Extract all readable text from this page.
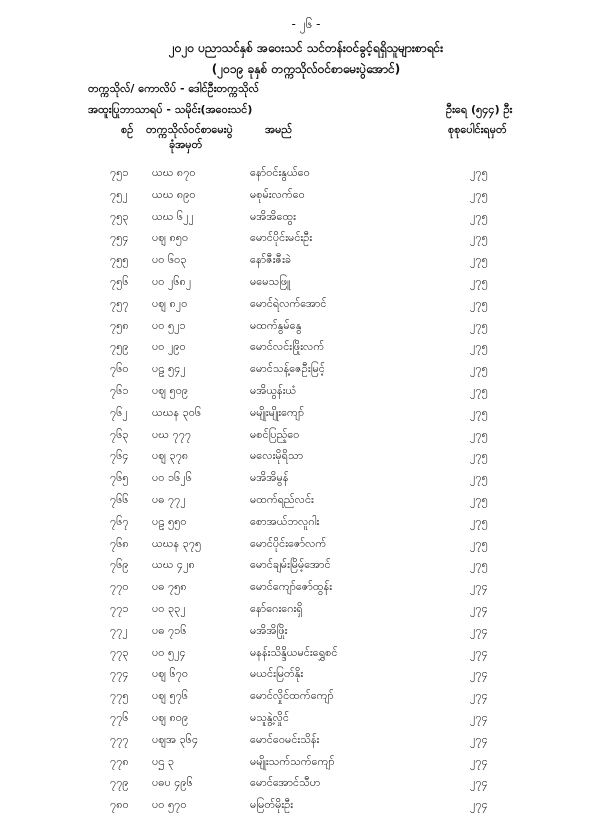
- ၂၆ -
၂၀၂၀ ပညာသင်နှစ် အဝေးသင် သင်တန်းဝင်ခွင့်ရရှိသူများစာရင်း
(၂၀၁၉ ခုနှစ် တက္ကသိုလ်ဝင်စာမေးပွဲအောင်)
တက္ကသိုလ်/ ကောလိပ် - ဒေါင်ဦးတက္ကသိုလ်
အထူးပြုဘာသာရပ် - သမိုင်း(အဝေးသင်)	ဦးရေ (၅၄၄) ဦး
စဉ် တက္ကသိုလ်ဝင်စာမေးပွဲ
ခုံအမှတ်
အမည်	စုစုပေါင်းရမှတ်
၇၅၁ ယဃ ၈၇၀	နော်ဝင်းနွယ်ဝေ	၂၇၅
၇၅၂ ယဃ ၈၉၀	မစုမ်းလက်ဝေ	၂၇၅
၇၅၃ ယဃ ၆၂၂	မအိအိထွေး	၂၇၅
၇၅၄ ပဈ ၈၅၀	မောင်ပိုင်းမင်းဦး	၂၇၅
၇၅၅ ပဝ ၆၀၃	နော်ဇီးဇီးခဲ	၂၇၅
၇၅၆ ပဝ ၂၆၈၂	မမေသဖြူ	၂၇၅
၇၅၇ ပဈ ၈၂၀	မောင်ရဲလက်အောင်	၂၇၅
၇၅၈ ပဝ ၅၂၁	မထက်နွမ်နွေ	၂၇၅
၇၅၉ ပဝ ၂၉၀	မောင်လင်းဖြိုးလက်	၂၇၅
၇၆၀ ပဠ ၅၄၂	မောင်သန့်ဇေဦးမြင့်	၂၇၅
၇၆၁ ပဈ ၅၀၉	မအိယွန်းယံ	၂၇၅
၇၆၂ ယဃန ၃၀၆	မမျိုးမျိုးကျော်	၂၇၅
၇၆၃ ပဃ ၇၇၇	မစင်ပြည့်ဝေ	၂၇၅
၇၆၄ ပဈ ၃၇၈	မလေးမိုရိသာ	၂၇၅
၇၆၅ ပဝ ၁၆၂၆	မအိအိမွန်	၂၇၅
၇၆၆ ပဓ ၇၇၂	မထက်ရည်လင်း	၂၇၅
၇၆၇ ပဠ ၅၅၀	စောအယ်ဘလူဂါး	၂၇၅
၇၆၈ ယဃန ၃၇၅	မောင်ပိုင်းဇော်လက်	၂၇၅
၇၆၉ ယဃ ၄၂၈	မောင်ချမ်းမြိမ့်အောင်	၂၇၅
၇၇၀ ပဓ ၇၅၈	မောင်ကျော်ဇော်ထွန်း	၂၇၄
၇၇၁ ပဝ ၃၃၂	နော်ဂေးဂေးရှိ	၂၇၄
၇၇၂ ပဓ ၇၁၆	မအိအိဖြိုး	၂၇၄
၇၇၃ ပဝ ၅၂၄	မနန်းသိန္ဒိယမင်းရွှေစင်	၂၇၄
၇၇၄ ပဈ ၆၇၀	မယင်းမြတ်နိုး	၂၇၄
၇၇၅ ပဈ ၅၇၆	မောင်လှိုင်ထက်ကျော်	၂၇၄
၇၇၆ ပဈ ၈၀၉	မသူနွဲ့လှိုင်	၂၇၄
၇၇၇ ပဈအ ၃၆၄	မောင်ဝေမင်းသိန်း	၂၇၄
၇၇၈ ပဌ ၃	မမျိုးသက်သက်ကျော်	၂၇၄
၇၇၉ ပဓပ ၄၉၆	မောင်အောင်သီဟ	၂၇၄
၇၈၀ ပဝ ၅၇၀	မမြတ်မိုးဦး	၂၇၄
